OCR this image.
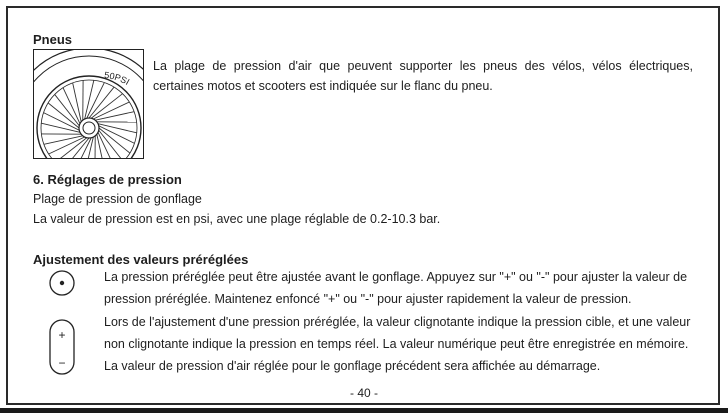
Pneus
50PSI
La plage de pression d'air que peuvent supporter les pneus des vélos, vélos électriques, certaines motos et scooters est indiquée sur le flanc du pneu.
6. Réglages de pression
Plage de pression de gonflage
La valeur de pression est en psi, avec une plage réglable de 0.2-10.3 bar.
Ajustement des valeurs préréglées
+
−
La pression préréglée peut être ajustée avant le gonflage. Appuyez sur "+" ou "-" pour ajuster la valeur de
pression préréglée. Maintenez enfoncé "+" ou "-" pour ajuster rapidement la valeur de pression.
Lors de l'ajustement d'une pression préréglée, la valeur clignotante indique la pression cible, et une valeur
non clignotante indique la pression en temps réel. La valeur numérique peut être enregistrée en mémoire.
La valeur de pression d'air réglée pour le gonflage précédent sera affichée au démarrage.
- 40 -
